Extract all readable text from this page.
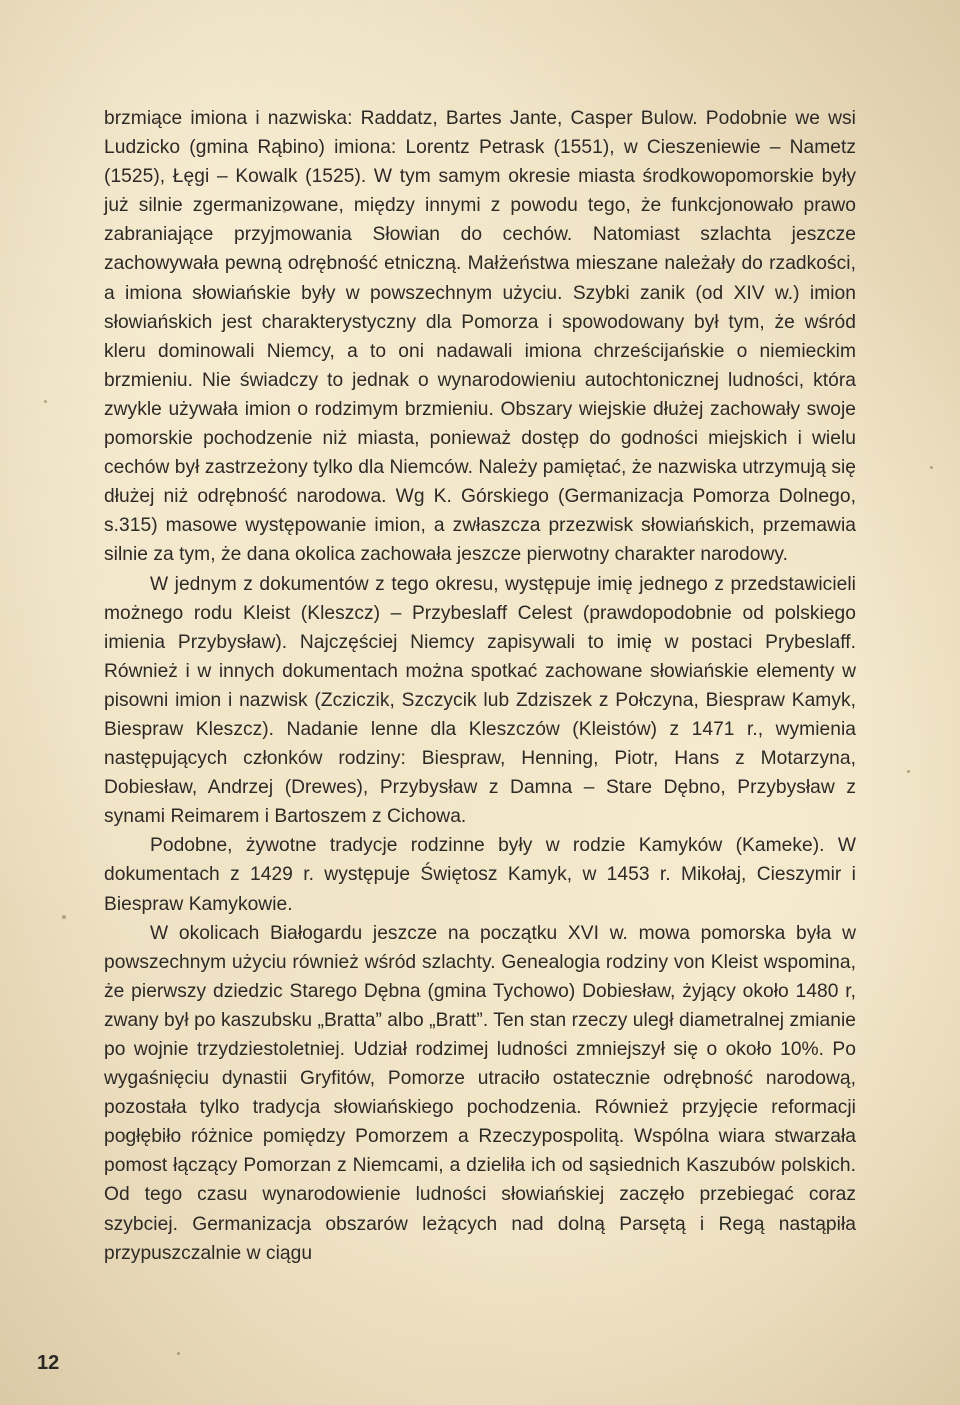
brzmiące imiona i nazwiska: Raddatz, Bartes Jante, Casper Bulow. Podobnie we wsi Ludzicko (gmina Rąbino) imiona: Lorentz Petrask (1551), w Cieszeniewie – Nametz (1525), Łęgi – Kowalk (1525). W tym samym okresie miasta środkowopomorskie były już silnie zgermanizowane, między innymi z powodu tego, że funkcjonowało prawo zabraniające przyjmowania Słowian do cechów. Natomiast szlachta jeszcze zachowywała pewną odrębność etniczną. Małżeństwa mieszane należały do rzadkości, a imiona słowiańskie były w powszechnym użyciu. Szybki zanik (od XIV w.) imion słowiańskich jest charakterystyczny dla Pomorza i spowodowany był tym, że wśród kleru dominowali Niemcy, a to oni nadawali imiona chrześcijańskie o niemieckim brzmieniu. Nie świadczy to jednak o wynarodowieniu autochtonicznej ludności, która zwykle używała imion o rodzimym brzmieniu. Obszary wiejskie dłużej zachowały swoje pomorskie pochodzenie niż miasta, ponieważ dostęp do godności miejskich i wielu cechów był zastrzeżony tylko dla Niemców. Należy pamiętać, że nazwiska utrzymują się dłużej niż odrębność narodowa. Wg K. Górskiego (Germanizacja Pomorza Dolnego, s.315) masowe występowanie imion, a zwłaszcza przezwisk słowiańskich, przemawia silnie za tym, że dana okolica zachowała jeszcze pierwotny charakter narodowy.

W jednym z dokumentów z tego okresu, występuje imię jednego z przedstawicieli możnego rodu Kleist (Kleszcz) – Przybeslaff Celest (prawdopodobnie od polskiego imienia Przybysław). Najczęściej Niemcy zapisywali to imię w postaci Prybeslaff. Również i w innych dokumentach można spotkać zachowane słowiańskie elementy w pisowni imion i nazwisk (Zcziczik, Szczycik lub Zdziszek z Połczyna, Biespraw Kamyk, Biespraw Kleszcz). Nadanie lenne dla Kleszczów (Kleistów) z 1471 r., wymienia następujących członków rodziny: Biespraw, Henning, Piotr, Hans z Motarzyna, Dobiesław, Andrzej (Drewes), Przybysław z Damna – Stare Dębno, Przybysław z synami Reimarem i Bartoszem z Cichowa.

Podobne, żywotne tradycje rodzinne były w rodzie Kamyków (Kameke). W dokumentach z 1429 r. występuje Świętosz Kamyk, w 1453 r. Mikołaj, Cieszymir i Biespraw Kamykowie.

W okolicach Białogardu jeszcze na początku XVI w. mowa pomorska była w powszechnym użyciu również wśród szlachty. Genealogia rodziny von Kleist wspomina, że pierwszy dziedzic Starego Dębna (gmina Tychowo) Dobiesław, żyjący około 1480 r, zwany był po kaszubsku „Bratta” albo „Bratt”. Ten stan rzeczy uległ diametralnej zmianie po wojnie trzydziestoletniej. Udział rodzimej ludności zmniejszył się o około 10%. Po wygaśnięciu dynastii Gryfitów, Pomorze utraciło ostatecznie odrębność narodową, pozostała tylko tradycja słowiańskiego pochodzenia. Również przyjęcie reformacji pogłębiło różnice pomiędzy Pomorzem a Rzeczypospolitą. Wspólna wiara stwarzała pomost łączący Pomorzan z Niemcami, a dzieliła ich od sąsiednich Kaszubów polskich. Od tego czasu wynarodowienie ludności słowiańskiej zaczęło przebiegać coraz szybciej. Germanizacja obszarów leżących nad dolną Parsętą i Regą nastąpiła przypuszczalnie w ciągu

12
